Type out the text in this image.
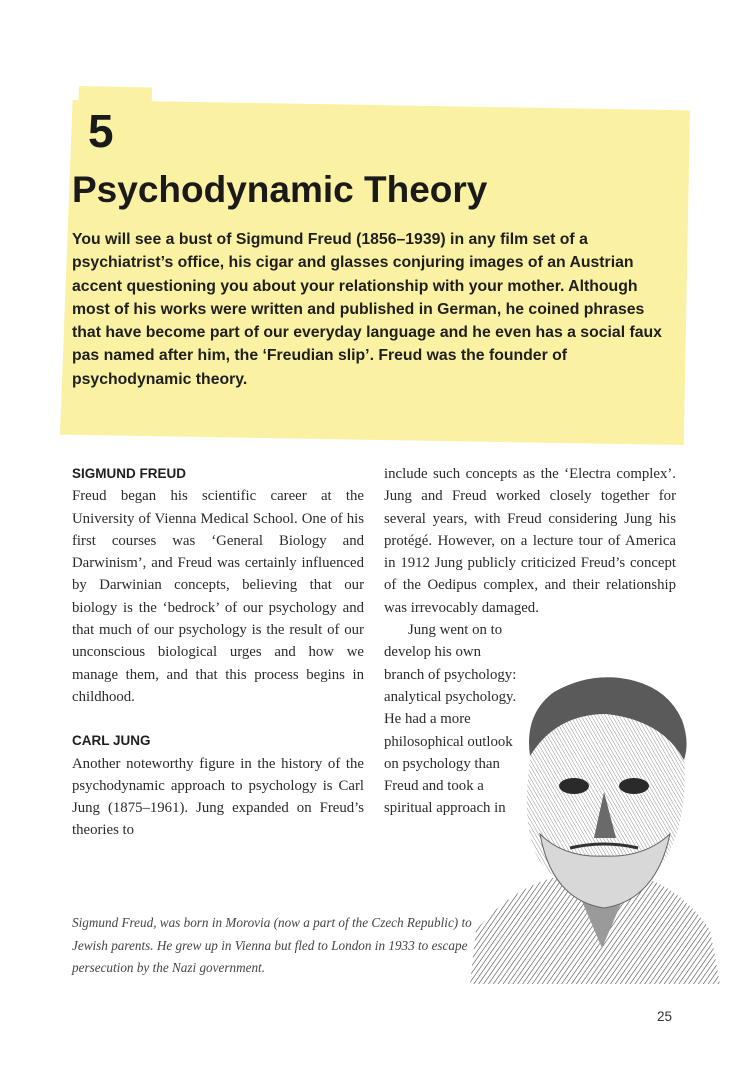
5
Psychodynamic Theory

You will see a bust of Sigmund Freud (1856–1939) in any film set of a psychiatrist’s office, his cigar and glasses conjuring images of an Austrian accent questioning you about your relationship with your mother. Although most of his works were written and published in German, he coined phrases that have become part of our everyday language and he even has a social faux pas named after him, the ‘Freudian slip’. Freud was the founder of psychodynamic theory.

SIGMUND FREUD

Freud began his scientific career at the University of Vienna Medical School. One of his first courses was ‘General Biology and Darwinism’, and Freud was certainly influenced by Darwinian concepts, believing that our biology is the ‘bedrock’ of our psychology and that much of our psychology is the result of our unconscious biological urges and how we manage them, and that this process begins in childhood.

CARL JUNG

Another noteworthy figure in the history of the psychodynamic approach to psychology is Carl Jung (1875–1961). Jung expanded on Freud’s theories to

include such concepts as the ‘Electra complex’. Jung and Freud worked closely together for several years, with Freud considering Jung his protégé. However, on a lecture tour of America in 1912 Jung publicly criticized Freud’s concept of the Oedipus complex, and their relationship was irrevocably damaged.

Jung went on to develop his own branch of psychology: analytical psychology. He had a more philosophical outlook on psychology than Freud and took a spiritual approach in

Sigmund Freud, was born in Morovia (now a part of the Czech Republic) to Jewish parents. He grew up in Vienna but fled to London in 1933 to escape persecution by the Nazi government.

25
